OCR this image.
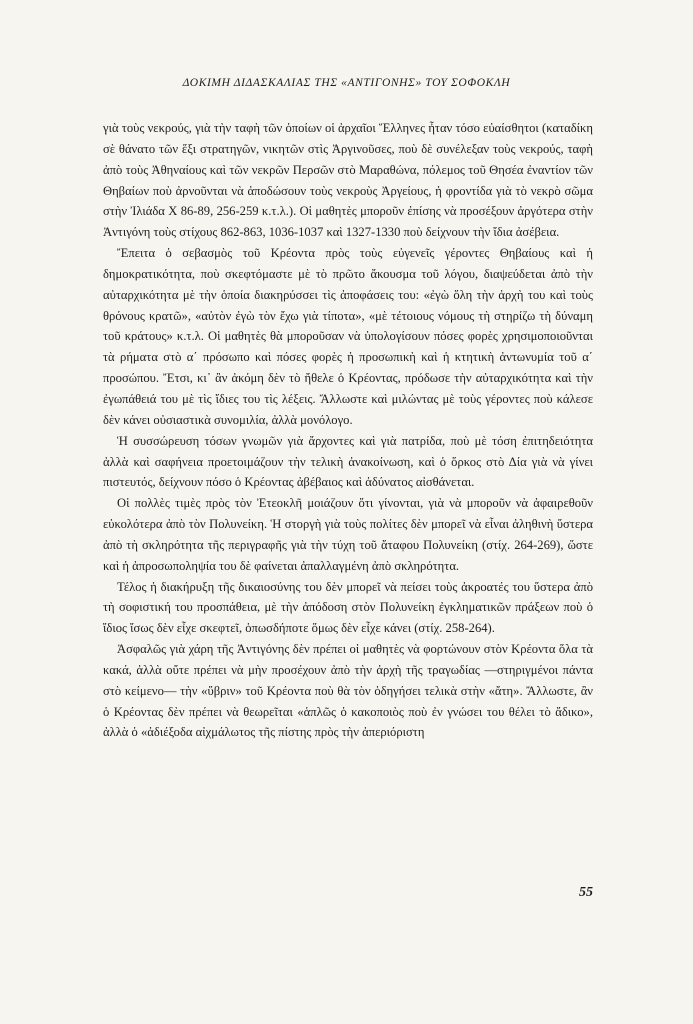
ΔΟΚΙΜΗ ΔΙΔΑΣΚΑΛΙΑΣ ΤΗΣ «ΑΝΤΙΓΟΝΗΣ» ΤΟΥ ΣΟΦΟΚΛΗ

γιὰ τοὺς νεκρούς, γιὰ τὴν ταφὴ τῶν ὁποίων οἱ ἀρχαῖοι Ἕλληνες ἦταν τόσο εὐαίσθητοι (καταδίκη σὲ θάνατο τῶν ἕξι στρατηγῶν, νικητῶν στὶς Ἀργινοῦσες, ποὺ δὲ συνέλεξαν τοὺς νεκρούς, ταφὴ ἀπὸ τοὺς Ἀθηναίους καὶ τῶν νεκρῶν Περσῶν στὸ Μαραθώνα, πόλεμος τοῦ Θησέα ἐναντίον τῶν Θηβαίων ποὺ ἀρνοῦνται νὰ ἀποδώσουν τοὺς νεκροὺς Ἀργείους, ἡ φροντίδα γιὰ τὸ νεκρὸ σῶμα στὴν Ἰλιάδα Χ 86-89, 256-259 κ.τ.λ.). Οἱ μαθητὲς μποροῦν ἐπίσης νὰ προσέξουν ἀργότερα στὴν Ἀντιγόνη τοὺς στίχους 862-863, 1036-1037 καὶ 1327-1330 ποὺ δείχνουν τὴν ἴδια ἀσέβεια.

Ἔπειτα ὁ σεβασμὸς τοῦ Κρέοντα πρὸς τοὺς εὐγενεῖς γέροντες Θηβαίους καὶ ἡ δημοκρατικότητα, ποὺ σκεφτόμαστε μὲ τὸ πρῶτο ἄκουσμα τοῦ λόγου, διαψεύδεται ἀπὸ τὴν αὐταρχικότητα μὲ τὴν ὁποία διακηρύσσει τὶς ἀποφάσεις του: «ἐγὼ ὅλη τὴν ἀρχὴ του καὶ τοὺς θρόνους κρατῶ», «αὐτὸν ἐγὼ τὸν ἔχω γιὰ τίποτα», «μὲ τέτοιους νόμους τὴ στηρίζω τὴ δύναμη τοῦ κράτους» κ.τ.λ. Οἱ μαθητὲς θὰ μποροῦσαν νὰ ὑπολογίσουν πόσες φορὲς χρησιμοποιοῦνται τὰ ρήματα στὸ α΄ πρόσωπο καὶ πόσες φορὲς ἡ προσωπικὴ καὶ ἡ κτητικὴ ἀντωνυμία τοῦ α΄ προσώπου. Ἔτσι, κι᾿ ἂν ἀκόμη δὲν τὸ ἤθελε ὁ Κρέοντας, πρόδωσε τὴν αὐταρχικότητα καὶ τὴν ἐγωπάθειά του μὲ τὶς ἴδιες του τὶς λέξεις. Ἄλλωστε καὶ μιλώντας μὲ τοὺς γέροντες ποὺ κάλεσε δὲν κάνει οὐσιαστικὰ συνομιλία, ἀλλὰ μονόλογο.

Ἡ συσσώρευση τόσων γνωμῶν γιὰ ἄρχοντες καὶ γιὰ πατρίδα, ποὺ μὲ τόση ἐπιτηδειότητα ἀλλὰ καὶ σαφήνεια προετοιμάζουν τὴν τελικὴ ἀνακοίνωση, καὶ ὁ ὅρκος στὸ Δία γιὰ νὰ γίνει πιστευτός, δείχνουν πόσο ὁ Κρέοντας ἀβέβαιος καὶ ἀδύνατος αἰσθάνεται.

Οἱ πολλὲς τιμὲς πρὸς τὸν Ἐτεοκλῆ μοιάζουν ὅτι γίνονται, γιὰ νὰ μποροῦν νὰ ἀφαιρεθοῦν εὐκολότερα ἀπὸ τὸν Πολυνείκη. Ἡ στοργὴ γιὰ τοὺς πολίτες δὲν μπορεῖ νὰ εἶναι ἀληθινὴ ὕστερα ἀπὸ τὴ σκληρότητα τῆς περιγραφῆς γιὰ τὴν τύχη τοῦ ἄταφου Πολυνείκη (στίχ. 264-269), ὥστε καὶ ἡ ἀπροσωποληψία του δὲ φαίνεται ἀπαλλαγμένη ἀπὸ σκληρότητα.

Τέλος ἡ διακήρυξη τῆς δικαιοσύνης του δὲν μπορεῖ νὰ πείσει τοὺς ἀκροατές του ὕστερα ἀπὸ τὴ σοφιστική του προσπάθεια, μὲ τὴν ἀπόδοση στὸν Πολυνείκη ἐγκληματικῶν πράξεων ποὺ ὁ ἴδιος ἴσως δὲν εἶχε σκεφτεῖ, ὁπωσδήποτε ὅμως δὲν εἶχε κάνει (στίχ. 258-264).

Ἀσφαλῶς γιὰ χάρη τῆς Ἀντιγόνης δὲν πρέπει οἱ μαθητὲς νὰ φορτώνουν στὸν Κρέοντα ὅλα τὰ κακά, ἀλλὰ οὔτε πρέπει νὰ μὴν προσέχουν ἀπὸ τὴν ἀρχὴ τῆς τραγωδίας —στηριγμένοι πάντα στὸ κείμενο— τὴν «ὕβριν» τοῦ Κρέοντα ποὺ θὰ τὸν ὁδηγήσει τελικὰ στὴν «ἄτη». Ἄλλωστε, ἂν ὁ Κρέοντας δὲν πρέπει νὰ θεωρεῖται «ἁπλῶς ὁ κακοποιὸς ποὺ ἐν γνώσει του θέλει τὸ ἄδικο», ἀλλὰ ὁ «ἀδιέξοδα αἰχμάλωτος τῆς πίστης πρὸς τὴν ἀπεριόριστη

55
